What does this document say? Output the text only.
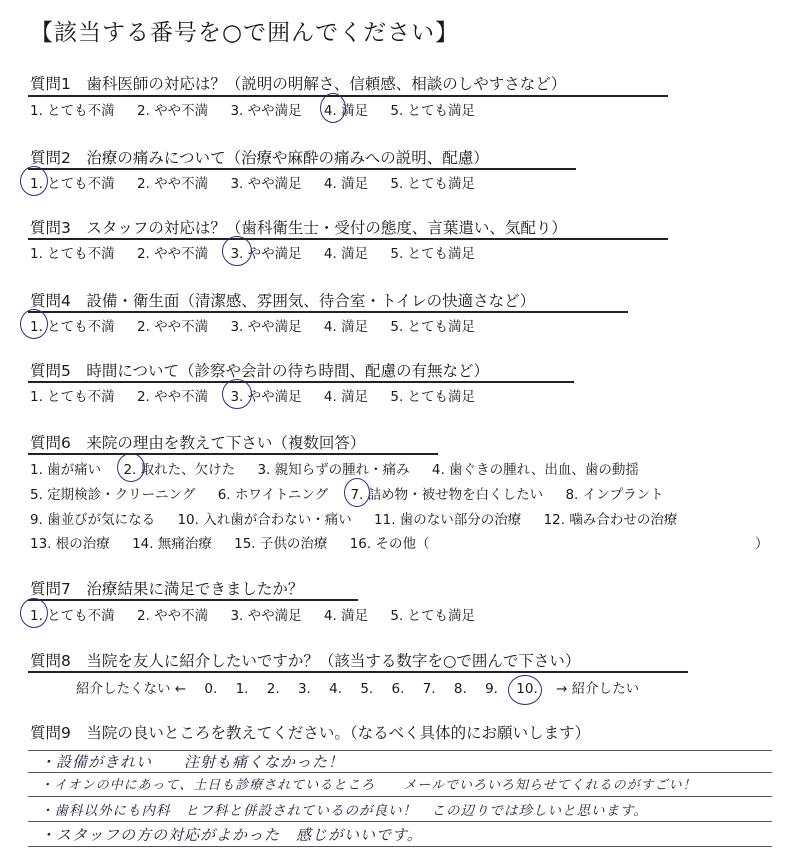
【該当する番号を○で囲んでください】
質問1　歯科医師の対応は？（説明の明解さ、信頼感、相談のしやすさなど）
1. とても不満 2. やや不満 3. やや満足 4. 満足 5. とても満足
質問2　治療の痛みについて（治療や麻酔の痛みへの説明、配慮）
1. とても不満 2. やや不満 3. やや満足 4. 満足 5. とても満足
質問3　スタッフの対応は？（歯科衛生士・受付の態度、言葉遣い、気配り）
1. とても不満 2. やや不満 3. やや満足 4. 満足 5. とても満足
質問4　設備・衛生面（清潔感、雰囲気、待合室・トイレの快適さなど）
1. とても不満 2. やや不満 3. やや満足 4. 満足 5. とても満足
質問5　時間について（診察や会計の待ち時間、配慮の有無など）
1. とても不満 2. やや不満 3. やや満足 4. 満足 5. とても満足
質問6　来院の理由を教えて下さい（複数回答）
1. 歯が痛い 2. 取れた、欠けた 3. 親知らずの腫れ・痛み 4. 歯ぐきの腫れ、出血、歯の動揺
5. 定期検診・クリーニング 6. ホワイトニング 7. 詰め物・被せ物を白くしたい 8. インプラント
9. 歯並びが気になる 10. 入れ歯が合わない・痛い 11. 歯のない部分の治療 12. 噛み合わせの治療
13. 根の治療 14. 無痛治療 15. 子供の治療 16. その他（	）
質問7　治療結果に満足できましたか？
1. とても不満 2. やや不満 3. やや満足 4. 満足 5. とても満足
質問8　当院を友人に紹介したいですか？（該当する数字を○で囲んで下さい）
紹介したくない ← 0. 1. 2. 3. 4. 5. 6. 7. 8. 9. 10. → 紹介したい
質問9　当院の良いところを教えてください。（なるべく具体的にお願いします）
・設備がきれい　　注射も痛くなかった！
・イオンの中にあって、土日も診療されているところ　　メールでいろいろ知らせてくれるのがすごい！
・歯科以外にも内科　ヒフ科と併設されているのが良い！　この辺りでは珍しいと思います。
・スタッフの方の対応がよかった　感じがいいです。
